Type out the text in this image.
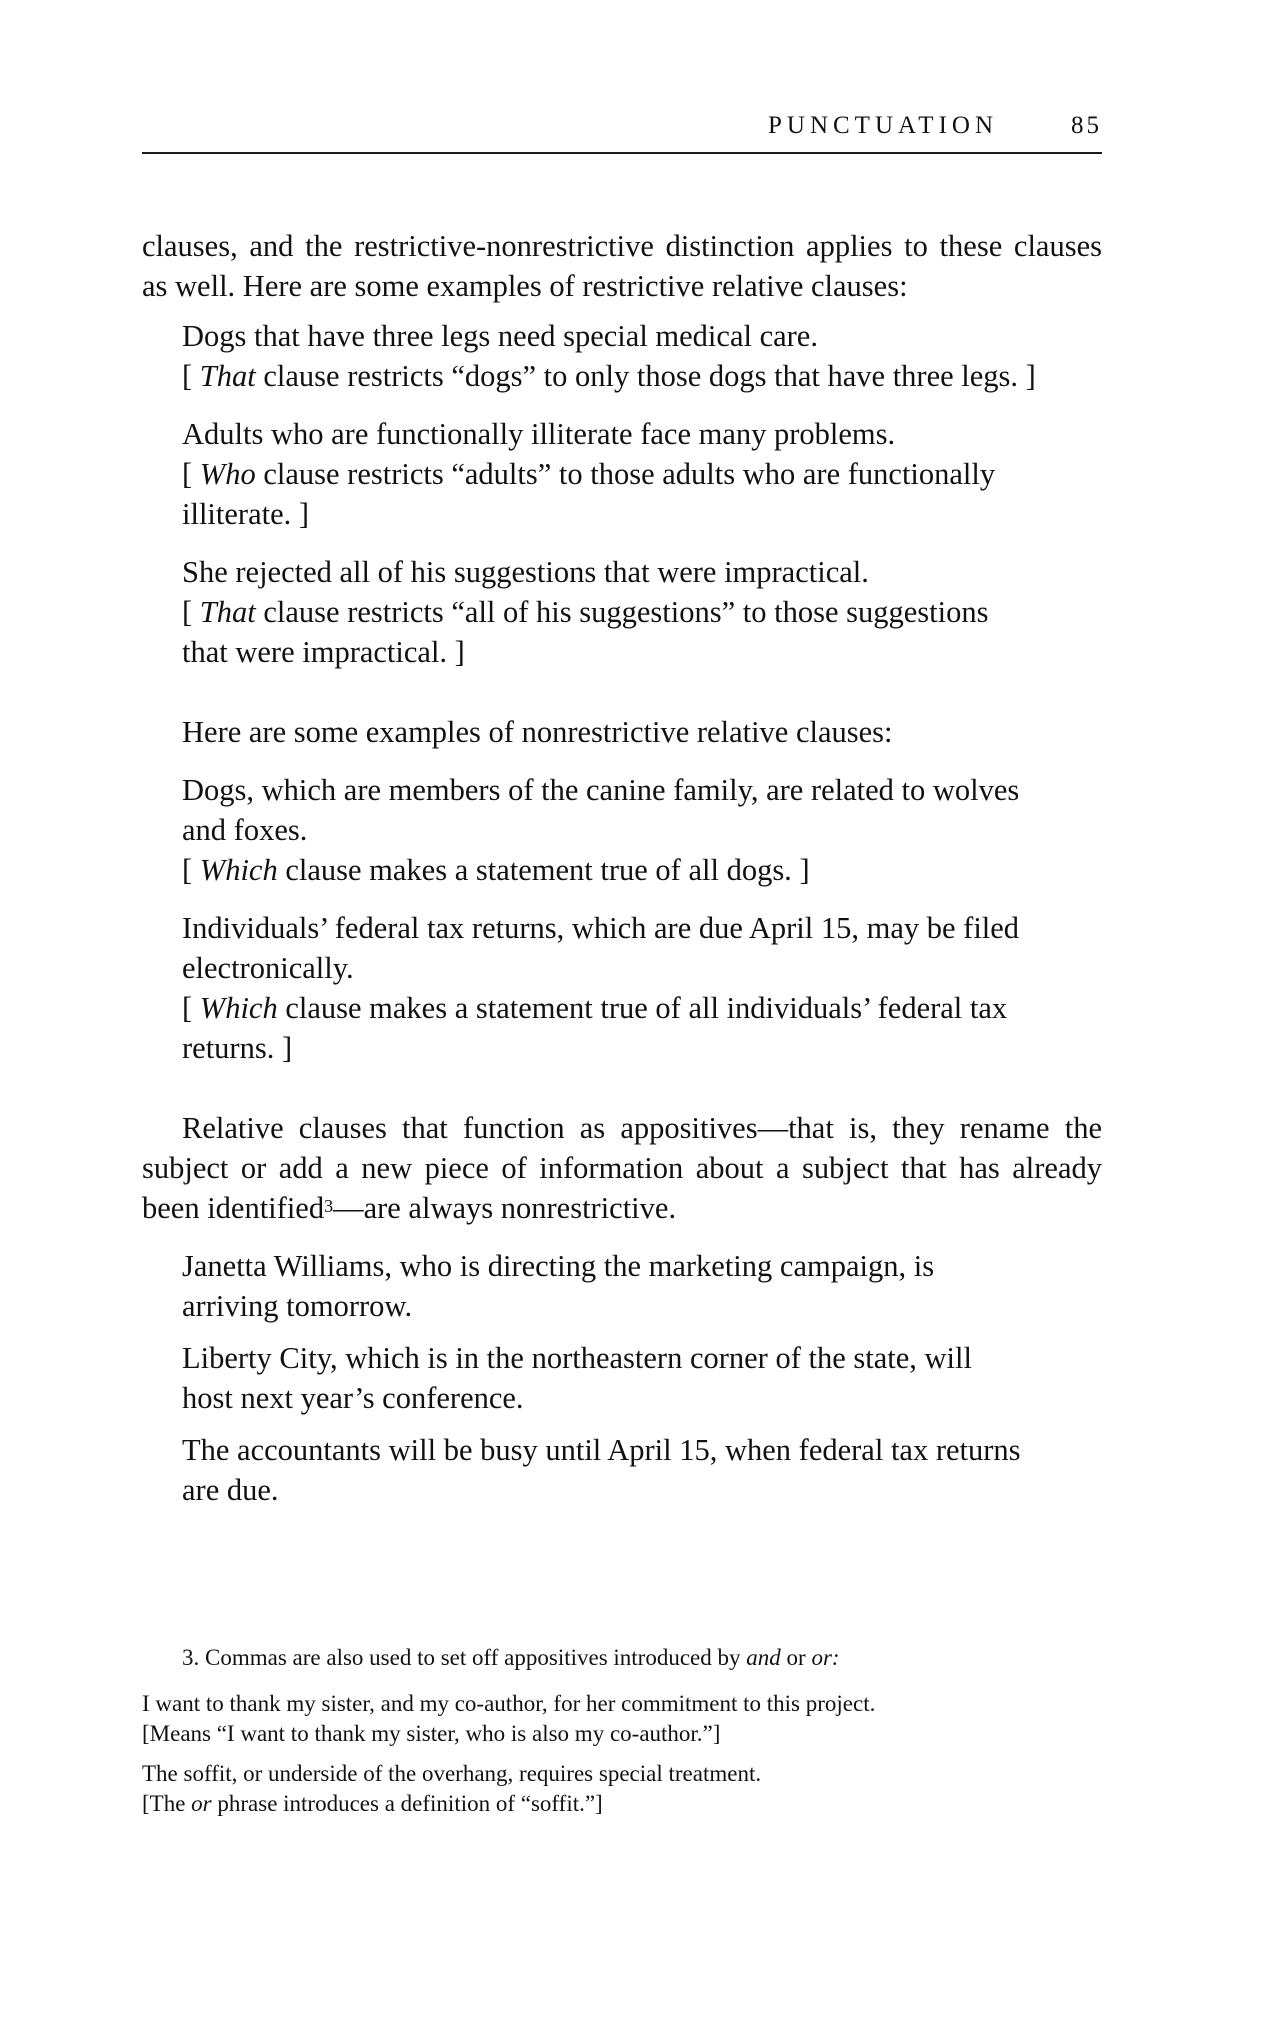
PUNCTUATION	85

clauses, and the restrictive-nonrestrictive distinction applies to these clauses as well. Here are some examples of restrictive relative clauses:

Dogs that have three legs need special medical care.
[ That clause restricts “dogs” to only those dogs that have three legs. ]
Adults who are functionally illiterate face many problems.
[ Who clause restricts “adults” to those adults who are functionally illiterate. ]
She rejected all of his suggestions that were impractical.
[ That clause restricts “all of his suggestions” to those suggestions that were impractical. ]

Here are some examples of nonrestrictive relative clauses:

Dogs, which are members of the canine family, are related to wolves and foxes.
[ Which clause makes a statement true of all dogs. ]
Individuals’ federal tax returns, which are due April 15, may be filed electronically.
[ Which clause makes a statement true of all individuals’ federal tax returns. ]

Relative clauses that function as appositives—that is, they rename the subject or add a new piece of information about a subject that has already been identified$^3$—are always nonrestrictive.

Janetta Williams, who is directing the marketing campaign, is arriving tomorrow.
Liberty City, which is in the northeastern corner of the state, will host next year’s conference.
The accountants will be busy until April 15, when federal tax returns are due.

3. Commas are also used to set off appositives introduced by and or or:

I want to thank my sister, and my co-author, for her commitment to this project.

[Means “I want to thank my sister, who is also my co-author.”]

The soffit, or underside of the overhang, requires special treatment.

[The or phrase introduces a definition of “soffit.”]
